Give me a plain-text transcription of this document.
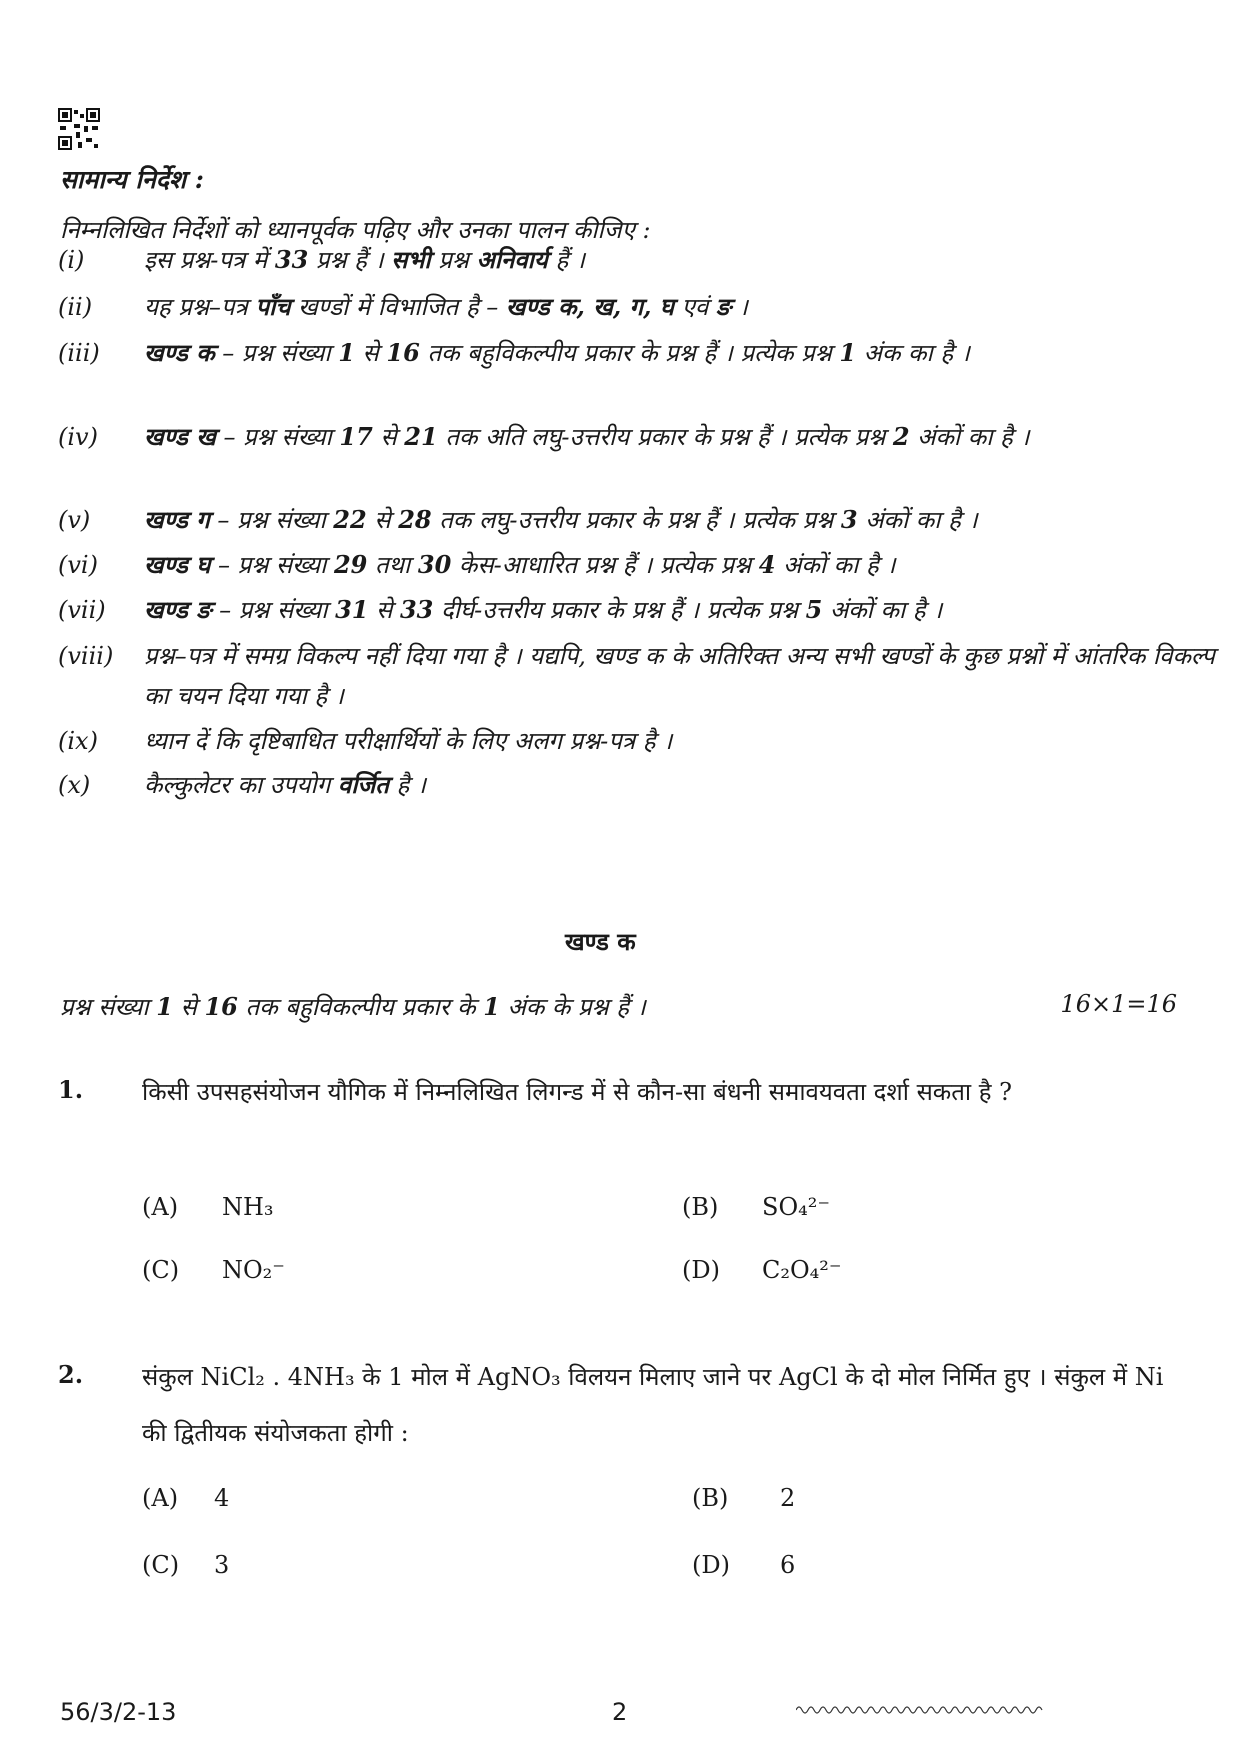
सामान्य निर्देश :
निम्नलिखित निर्देशों को ध्यानपूर्वक पढ़िए और उनका पालन कीजिए :
(i)	इस प्रश्न-पत्र में 33 प्रश्न हैं । सभी प्रश्न अनिवार्य हैं ।
(ii)	यह प्रश्न–पत्र पाँच खण्डों में विभाजित है – खण्ड क, ख, ग, घ एवं ङ ।
(iii)	खण्ड क – प्रश्न संख्या 1 से 16 तक बहुविकल्पीय प्रकार के प्रश्न हैं । प्रत्येक प्रश्न 1 अंक का है ।
(iv)	खण्ड ख – प्रश्न संख्या 17 से 21 तक अति लघु-उत्तरीय प्रकार के प्रश्न हैं । प्रत्येक प्रश्न 2 अंकों का है ।
(v)	खण्ड ग – प्रश्न संख्या 22 से 28 तक लघु-उत्तरीय प्रकार के प्रश्न हैं । प्रत्येक प्रश्न 3 अंकों का है ।
(vi)	खण्ड घ – प्रश्न संख्या 29 तथा 30 केस-आधारित प्रश्न हैं । प्रत्येक प्रश्न 4 अंकों का है ।
(vii)	खण्ड ङ – प्रश्न संख्या 31 से 33 दीर्घ-उत्तरीय प्रकार के प्रश्न हैं । प्रत्येक प्रश्न 5 अंकों का है ।
(viii)	प्रश्न–पत्र में समग्र विकल्प नहीं दिया गया है । यद्यपि, खण्ड क के अतिरिक्त अन्य सभी खण्डों के कुछ प्रश्नों में आंतरिक विकल्प का चयन दिया गया है ।
(ix)	ध्यान दें कि दृष्टिबाधित परीक्षार्थियों के लिए अलग प्रश्न-पत्र है ।
(x)	कैल्कुलेटर का उपयोग वर्जित है ।
खण्ड क
प्रश्न संख्या 1 से 16 तक बहुविकल्पीय प्रकार के 1 अंक के प्रश्न हैं ।	16×1=16
1. किसी उपसहसंयोजन यौगिक में निम्नलिखित लिगन्ड में से कौन-सा बंधनी समावयवता दर्शा सकता है ?
(A) NH₃	(B) SO₄²⁻
(C) NO₂⁻	(D) C₂O₄²⁻
2. संकुल NiCl₂ . 4NH₃ के 1 मोल में AgNO₃ विलयन मिलाए जाने पर AgCl के दो मोल निर्मित हुए । संकुल में Ni की द्वितीयक संयोजकता होगी :
(A) 4	(B) 2
(C) 3	(D) 6
56/3/2-13	2
